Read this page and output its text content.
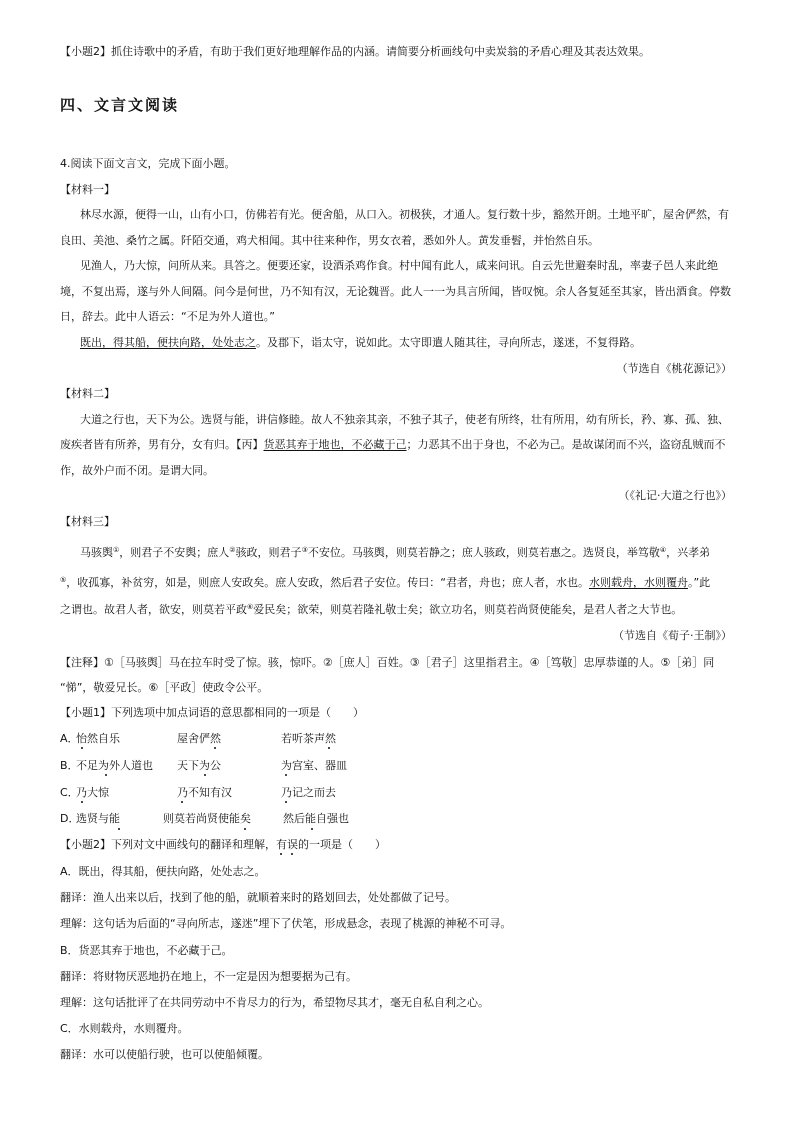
【小题2】抓住诗歌中的矛盾，有助于我们更好地理解作品的内涵。请简要分析画线句中卖炭翁的矛盾心理及其表达效果。
四、文言文阅读
4.阅读下面文言文，完成下面小题。
【材料一】
林尽水源，便得一山，山有小口，仿佛若有光。便舍船，从口入。初极狭，才通人。复行数十步，豁然开朗。土地平旷，屋舍俨然，有
良田、美池、桑竹之属。阡陌交通，鸡犬相闻。其中往来种作，男女衣着，悉如外人。黄发垂髫，并怡然自乐。
见渔人，乃大惊，问所从来。具答之。便要还家，设酒杀鸡作食。村中闻有此人，咸来问讯。自云先世避秦时乱，率妻子邑人来此绝
境，不复出焉，遂与外人间隔。问今是何世，乃不知有汉，无论魏晋。此人一一为具言所闻，皆叹惋。余人各复延至其家，皆出酒食。停数
日，辞去。此中人语云：“不足为外人道也。”
既出，得其船，便扶向路，处处志之。及郡下，诣太守，说如此。太守即遣人随其往，寻向所志，遂迷，不复得路。
（节选自《桃花源记》）
【材料二】
大道之行也，天下为公。选贤与能，讲信修睦。故人不独亲其亲，不独子其子，使老有所终，壮有所用，幼有所长，矜、寡、孤、独、
废疾者皆有所养，男有分，女有归。【丙】货恶其弃于地也，不必藏于己；力恶其不出于身也，不必为己。是故谋闭而不兴，盗窃乱贼而不
作，故外户而不闭。是谓大同。
（《礼记·大道之行也》）
【材料三】
马骇舆①，则君子不安舆；庶人②骇政，则君子③不安位。马骇舆，则莫若静之；庶人骇政，则莫若惠之。选贤良，举笃敬④，兴孝弟
⑤，收孤寡，补贫穷，如是，则庶人安政矣。庶人安政，然后君子安位。传曰：“君者，舟也；庶人者，水也。水则载舟，水则覆舟。”此
之谓也。故君人者，欲安，则莫若平政⑥爱民矣；欲荣，则莫若隆礼敬士矣；欲立功名，则莫若尚贤使能矣，是君人者之大节也。
（节选自《荀子·王制》）
【注释】①［马骇舆］马在拉车时受了惊。骇，惊吓。②［庶人］百姓。③［君子］这里指君主。④［笃敬］忠厚恭谨的人。⑤［弟］同
“悌”，敬爱兄长。⑥［平政］使政令公平。
【小题1】下列选项中加点词语的意思都相同的一项是（　　）
A．
怡然自乐	屋舍俨然	若听茶声然
B．
不足为外人道也 天下为公	为宫室、器皿
C．
乃大惊	乃不知有汉	乃记之而去
D．
选贤与能	则莫若尚贤使能矣	然后能自强也
【小题2】下列对文中画线句的翻译和理解，有误的一项是（　　）
A．既出，得其船，便扶向路，处处志之。
翻译：渔人出来以后，找到了他的船，就顺着来时的路划回去，处处都做了记号。
理解：这句话为后面的“寻向所志，遂迷”埋下了伏笔，形成悬念，表现了桃源的神秘不可寻。
B．货恶其弃于地也，不必藏于己。
翻译：将财物厌恶地扔在地上，不一定是因为想要据为己有。
理解：这句话批评了在共同劳动中不肯尽力的行为，希望物尽其才，毫无自私自利之心。
C．水则载舟，水则覆舟。
翻译：水可以使船行驶，也可以使船倾覆。
